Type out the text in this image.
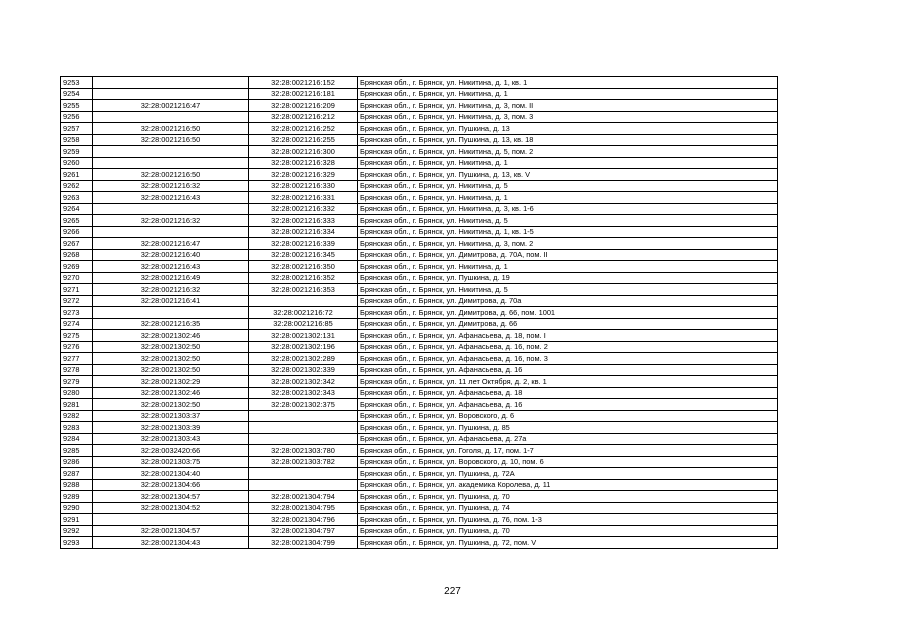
9253		32:28:0021216:152	Брянская обл., г. Брянск, ул. Никитина, д. 1, кв. 1
9254		32:28:0021216:181	Брянская обл., г. Брянск, ул. Никитина, д. 1
9255	32:28:0021216:47	32:28:0021216:209	Брянская обл., г. Брянск, ул. Никитина, д. 3, пом. II
9256		32:28:0021216:212	Брянская обл., г. Брянск, ул. Никитина, д. 3, пом. 3
9257	32:28:0021216:50	32:28:0021216:252	Брянская обл., г. Брянск, ул. Пушкина, д. 13
9258	32:28:0021216:50	32:28:0021216:255	Брянская обл., г. Брянск, ул. Пушкина, д. 13, кв. 18
9259		32:28:0021216:300	Брянская обл., г. Брянск, ул. Никитина, д. 5, пом. 2
9260		32:28:0021216:328	Брянская обл., г. Брянск, ул. Никитина, д. 1
9261	32:28:0021216:50	32:28:0021216:329	Брянская обл., г. Брянск, ул. Пушкина, д. 13, кв. V
9262	32:28:0021216:32	32:28:0021216:330	Брянская обл., г. Брянск, ул. Никитина, д. 5
9263	32:28:0021216:43	32:28:0021216:331	Брянская обл., г. Брянск, ул. Никитина, д. 1
9264		32:28:0021216:332	Брянская обл., г. Брянск, ул. Никитина, д. 3, кв. 1-6
9265	32:28:0021216:32	32:28:0021216:333	Брянская обл., г. Брянск, ул. Никитина, д. 5
9266		32:28:0021216:334	Брянская обл., г. Брянск, ул. Никитина, д. 1, кв. 1-5
9267	32:28:0021216:47	32:28:0021216:339	Брянская обл., г. Брянск, ул. Никитина, д. 3, пом. 2
9268	32:28:0021216:40	32:28:0021216:345	Брянская обл., г. Брянск, ул. Димитрова, д. 70А, пом. II
9269	32:28:0021216:43	32:28:0021216:350	Брянская обл., г. Брянск, ул. Никитина, д. 1
9270	32:28:0021216:49	32:28:0021216:352	Брянская обл., г. Брянск, ул. Пушкина, д. 19
9271	32:28:0021216:32	32:28:0021216:353	Брянская обл., г. Брянск, ул. Никитина, д. 5
9272	32:28:0021216:41		Брянская обл., г. Брянск, ул. Димитрова, д. 70а
9273		32:28:0021216:72	Брянская обл., г. Брянск, ул. Димитрова, д. 66, пом. 1001
9274	32:28:0021216:35	32:28:0021216:85	Брянская обл., г. Брянск, ул. Димитрова, д. 66
9275	32:28:0021302:46	32:28:0021302:131	Брянская обл., г. Брянск, ул. Афанасьева, д. 18, пом. I
9276	32:28:0021302:50	32:28:0021302:196	Брянская обл., г. Брянск, ул. Афанасьева, д. 16, пом. 2
9277	32:28:0021302:50	32:28:0021302:289	Брянская обл., г. Брянск, ул. Афанасьева, д. 16, пом. 3
9278	32:28:0021302:50	32:28:0021302:339	Брянская обл., г. Брянск, ул. Афанасьева, д. 16
9279	32:28:0021302:29	32:28:0021302:342	Брянская обл., г. Брянск, ул. 11 лет Октября, д. 2, кв. 1
9280	32:28:0021302:46	32:28:0021302:343	Брянская обл., г. Брянск, ул. Афанасьева, д. 18
9281	32:28:0021302:50	32:28:0021302:375	Брянская обл., г. Брянск, ул. Афанасьева, д. 16
9282	32:28:0021303:37		Брянская обл., г. Брянск, ул. Воровского, д. 6
9283	32:28:0021303:39		Брянская обл., г. Брянск, ул. Пушкина, д. 85
9284	32:28:0021303:43		Брянская обл., г. Брянск, ул. Афанасьева, д. 27а
9285	32:28:0032420:66	32:28:0021303:780	Брянская обл., г. Брянск, ул. Гоголя, д. 17, пом. 1-7
9286	32:28:0021303:75	32:28:0021303:782	Брянская обл., г. Брянск, ул. Воровского, д. 10, пом. 6
9287	32:28:0021304:40		Брянская обл., г. Брянск, ул. Пушкина, д. 72А
9288	32:28:0021304:66		Брянская обл., г. Брянск, ул. академика Королева, д. 11
9289	32:28:0021304:57	32:28:0021304:794	Брянская обл., г. Брянск, ул. Пушкина, д. 70
9290	32:28:0021304:52	32:28:0021304:795	Брянская обл., г. Брянск, ул. Пушкина, д. 74
9291		32:28:0021304:796	Брянская обл., г. Брянск, ул. Пушкина, д. 76, пом. 1-3
9292	32:28:0021304:57	32:28:0021304:797	Брянская обл., г. Брянск, ул. Пушкина, д. 70
9293	32:28:0021304:43	32:28:0021304:799	Брянская обл., г. Брянск, ул. Пушкина, д. 72, пом. V
227
